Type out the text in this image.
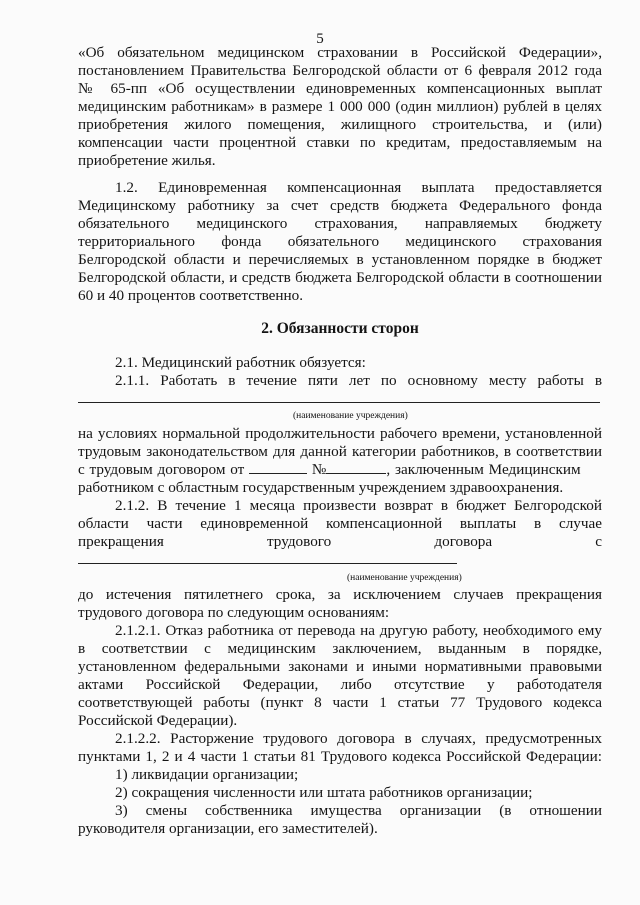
5
«Об обязательном медицинском страховании в Российской Федерации»,
постановлением Правительства Белгородской области от 6 февраля 2012 года
№ 65-пп «Об осуществлении единовременных компенсационных выплат
медицинским работникам» в размере 1 000 000 (один миллион) рублей в целях
приобретения жилого помещения, жилищного строительства, и (или)
компенсации части процентной ставки по кредитам, предоставляемым на
приобретение жилья.
1.2. Единовременная компенсационная выплата предоставляется
Медицинскому работнику за счет средств бюджета Федерального фонда
обязательного медицинского страхования, направляемых бюджету
территориального фонда обязательного медицинского страхования
Белгородской области и перечисляемых в установленном порядке в бюджет
Белгородской области, и средств бюджета Белгородской области в соотношении
60 и 40 процентов соответственно.
2. Обязанности сторон
2.1. Медицинский работник обязуется:
2.1.1. Работать в течение пяти лет по основному месту работы в
(наименование учреждения)
на условиях нормальной продолжительности рабочего времени, установленной
трудовым законодательством для данной категории работников, в соответствии
с трудовым договором от	№	, заключенным Медицинским
работником с областным государственным учреждением здравоохранения.
2.1.2. В течение 1 месяца произвести возврат в бюджет Белгородской
области части единовременной компенсационной выплаты в случае
прекращения трудового договора с
(наименование учреждения)
до истечения пятилетнего срока, за исключением случаев прекращения
трудового договора по следующим основаниям:
2.1.2.1. Отказ работника от перевода на другую работу, необходимого ему
в соответствии с медицинским заключением, выданным в порядке,
установленном федеральными законами и иными нормативными правовыми
актами Российской Федерации, либо отсутствие у работодателя
соответствующей работы (пункт 8 части 1 статьи 77 Трудового кодекса
Российской Федерации).
2.1.2.2. Расторжение трудового договора в случаях, предусмотренных
пунктами 1, 2 и 4 части 1 статьи 81 Трудового кодекса Российской Федерации:
1) ликвидации организации;
2) сокращения численности или штата работников организации;
3) смены собственника имущества организации (в отношении
руководителя организации, его заместителей).
